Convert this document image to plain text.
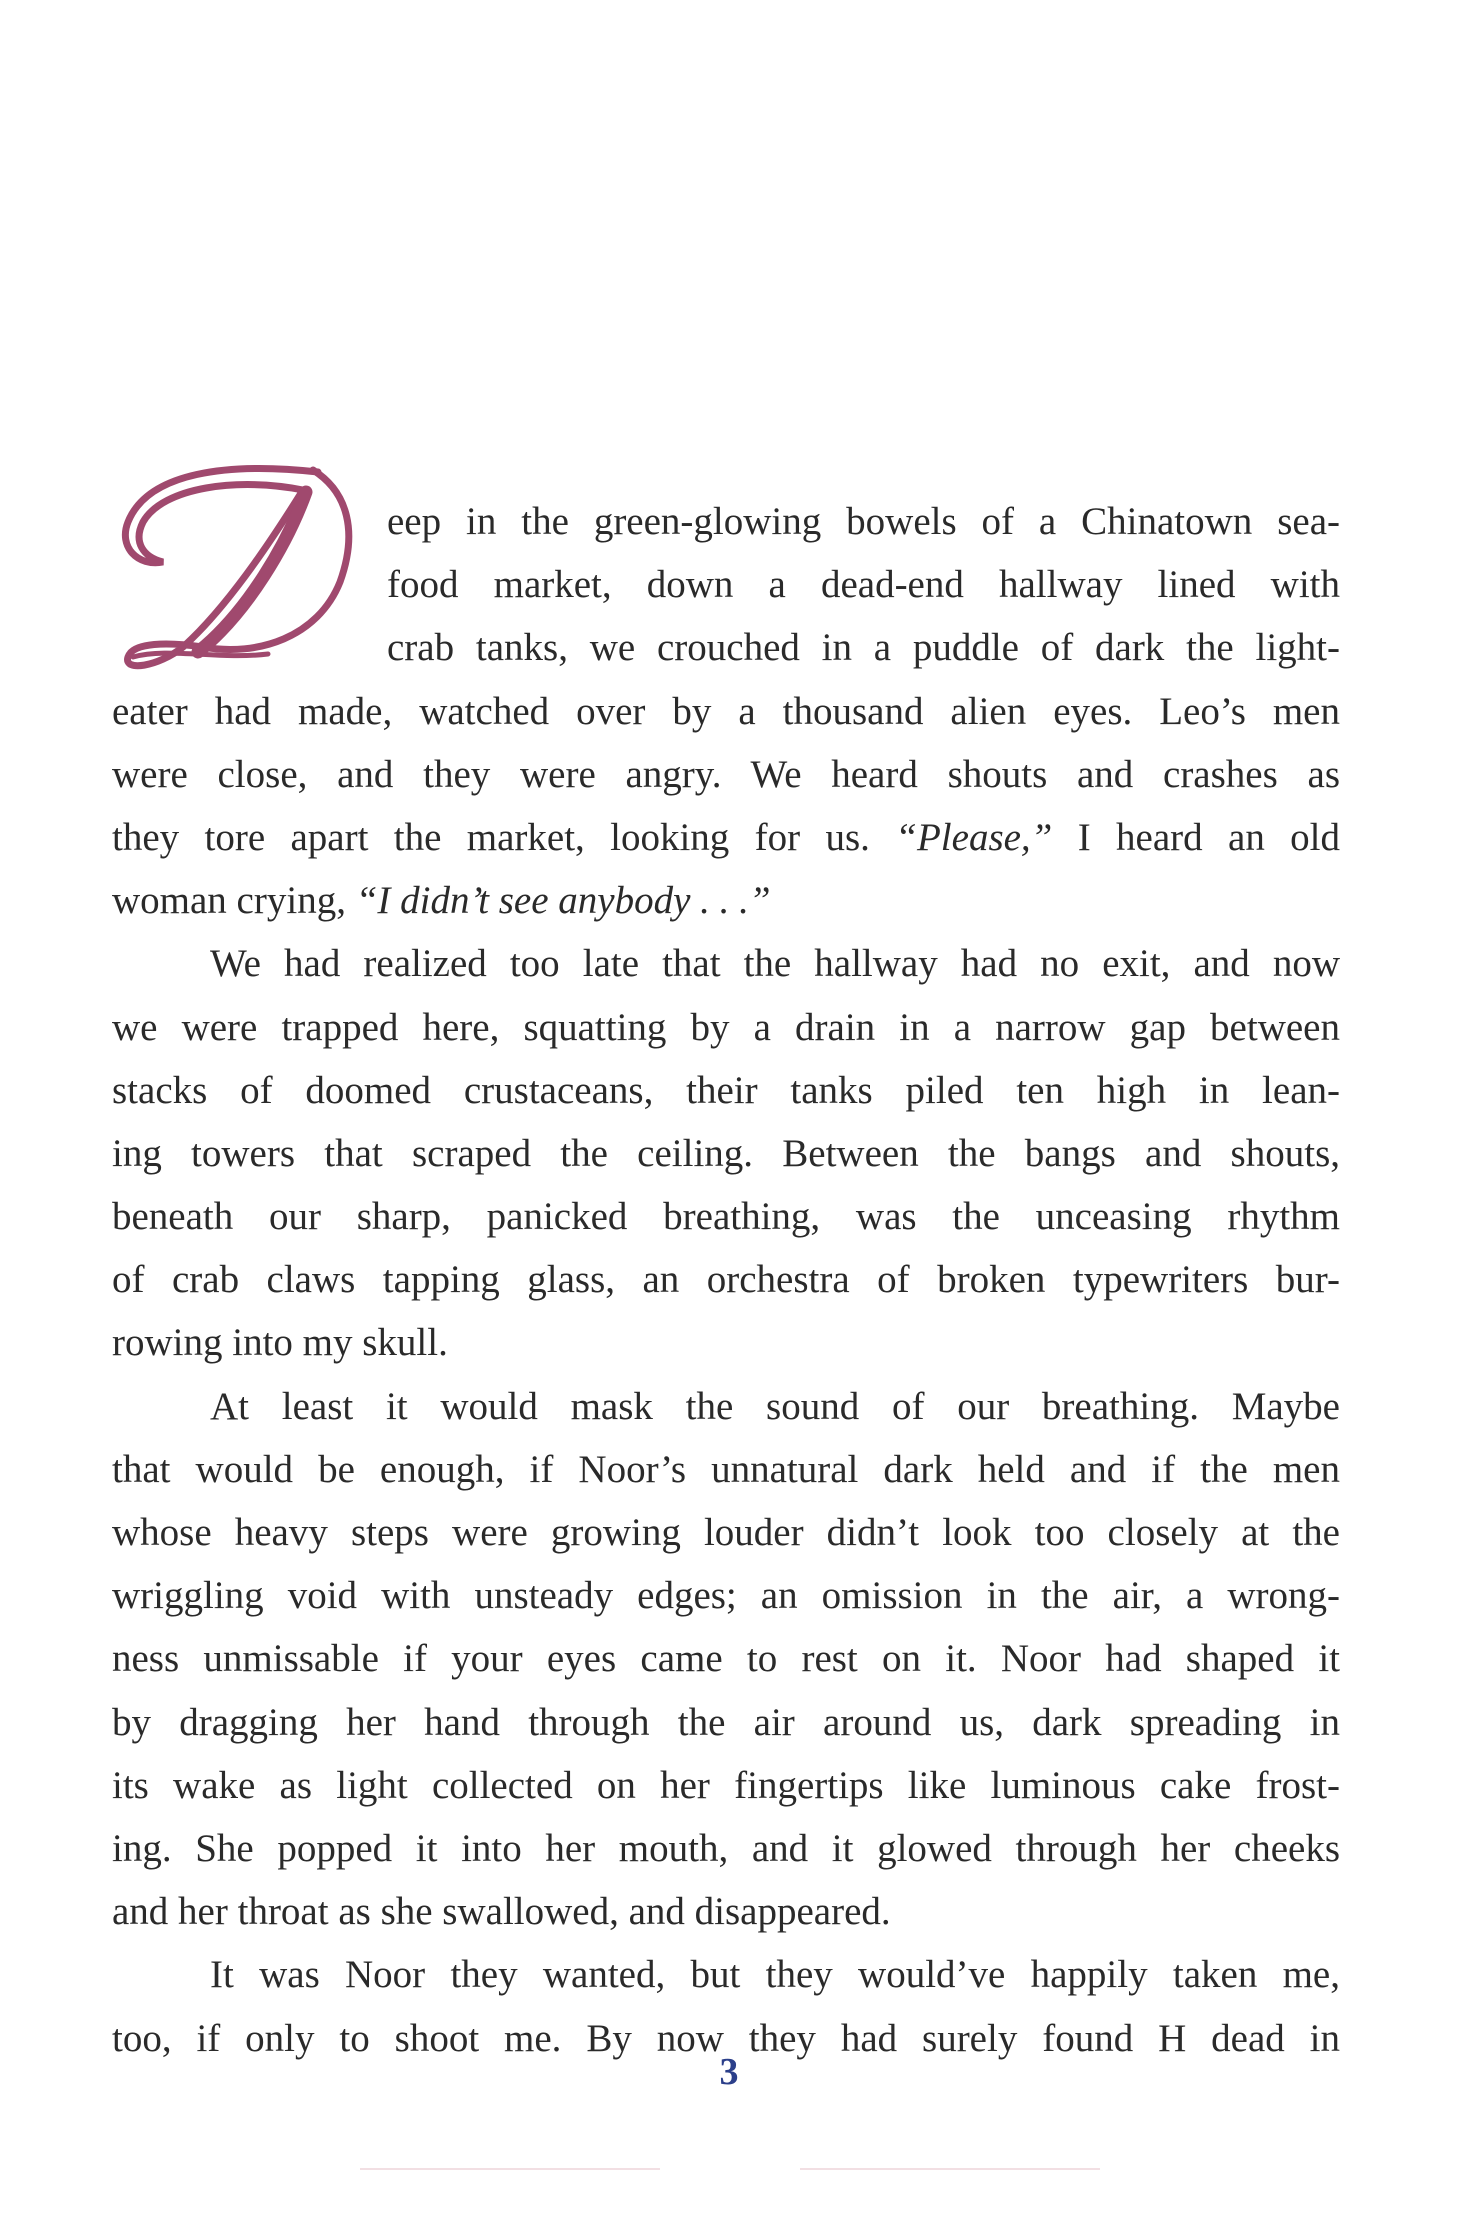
eep in the green-glowing bowels of a Chinatown sea-
food market, down a dead-end hallway lined with
crab tanks, we crouched in a puddle of dark the light-
eater had made, watched over by a thousand alien eyes. Leo’s men
were close, and they were angry. We heard shouts and crashes as
they tore apart the market, looking for us. “Please,” I heard an old
woman crying, “I didn’t see anybody . . .”
We had realized too late that the hallway had no exit, and now
we were trapped here, squatting by a drain in a narrow gap between
stacks of doomed crustaceans, their tanks piled ten high in lean-
ing towers that scraped the ceiling. Between the bangs and shouts,
beneath our sharp, panicked breathing, was the unceasing rhythm
of crab claws tapping glass, an orchestra of broken typewriters bur-
rowing into my skull.
At least it would mask the sound of our breathing. Maybe
that would be enough, if Noor’s unnatural dark held and if the men
whose heavy steps were growing louder didn’t look too closely at the
wriggling void with unsteady edges; an omission in the air, a wrong-
ness unmissable if your eyes came to rest on it. Noor had shaped it
by dragging her hand through the air around us, dark spreading in
its wake as light collected on her fingertips like luminous cake frost-
ing. She popped it into her mouth, and it glowed through her cheeks
and her throat as she swallowed, and disappeared.
It was Noor they wanted, but they would’ve happily taken me,
too, if only to shoot me. By now they had surely found H dead in
3
